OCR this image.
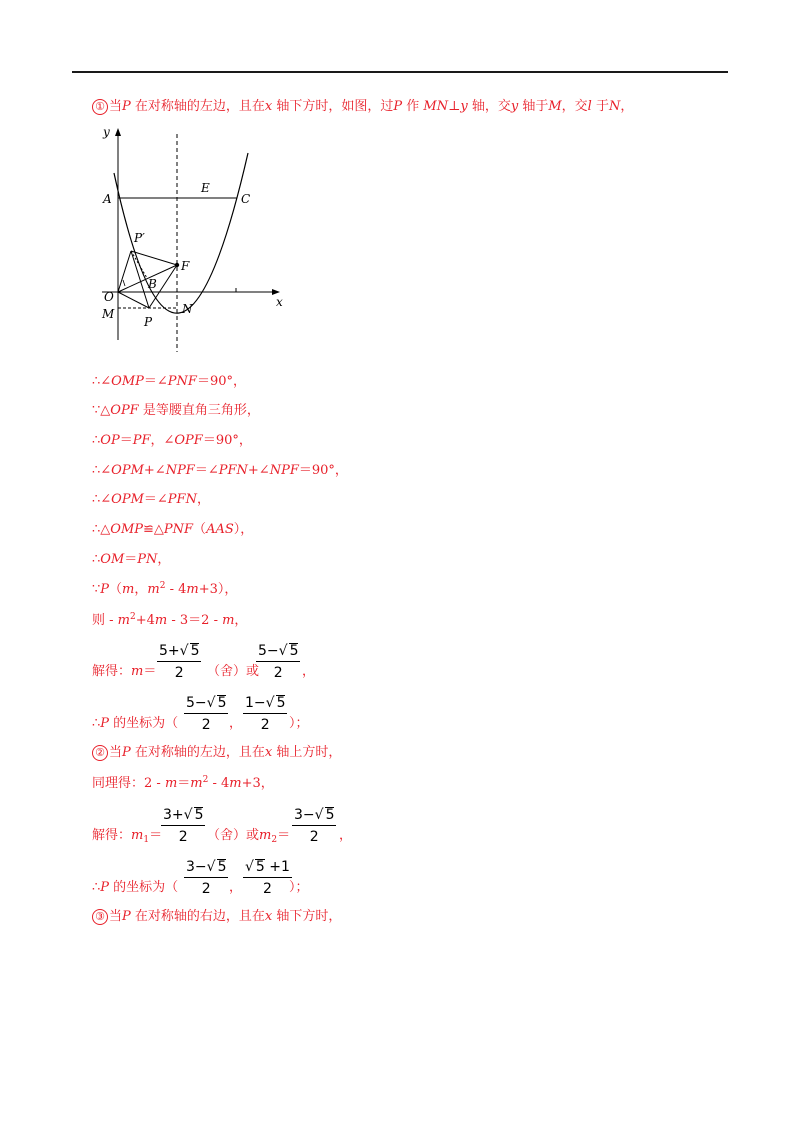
① 当P 在对称轴的左边，且在x 轴下方时，如图，过P 作 MN⊥y 轴，交y 轴于M，交l 于N，
y
x
A	C
E
P′
F
B
O
M
P
N
∴∠OMP＝∠PNF＝90°，
∵△OPF 是等腰直角三角形，
∴OP＝PF，∠OPF＝90°，
∴∠OPM+∠NPF＝∠PFN+∠NPF＝90°，
∴∠OPM＝∠PFN，
∴△OMP≌△PNF（AAS），
∴OM＝PN，
∵P（m，$m^2 - 4m+3$），
则 - $m^2+4m - 3=2 - m$，
解得：m＝
5+√ 5
2	（舍）或
5−√ 5
2	，
∴P 的坐标为（
5−√ 5
2	，
1−√ 5
2	）；
② 当P 在对称轴的左边，且在x 轴上方时，
同理得：$2 - m=m^2 - 4m+3$，
解得：$m_1=$
3+√ 5
2	（舍）或$m_2=$
3−√ 5
2	，
∴P 的坐标为（
3−√ 5
2	，
√ 5 +1
2	）；
③ 当P 在对称轴的右边，且在x 轴下方时，
